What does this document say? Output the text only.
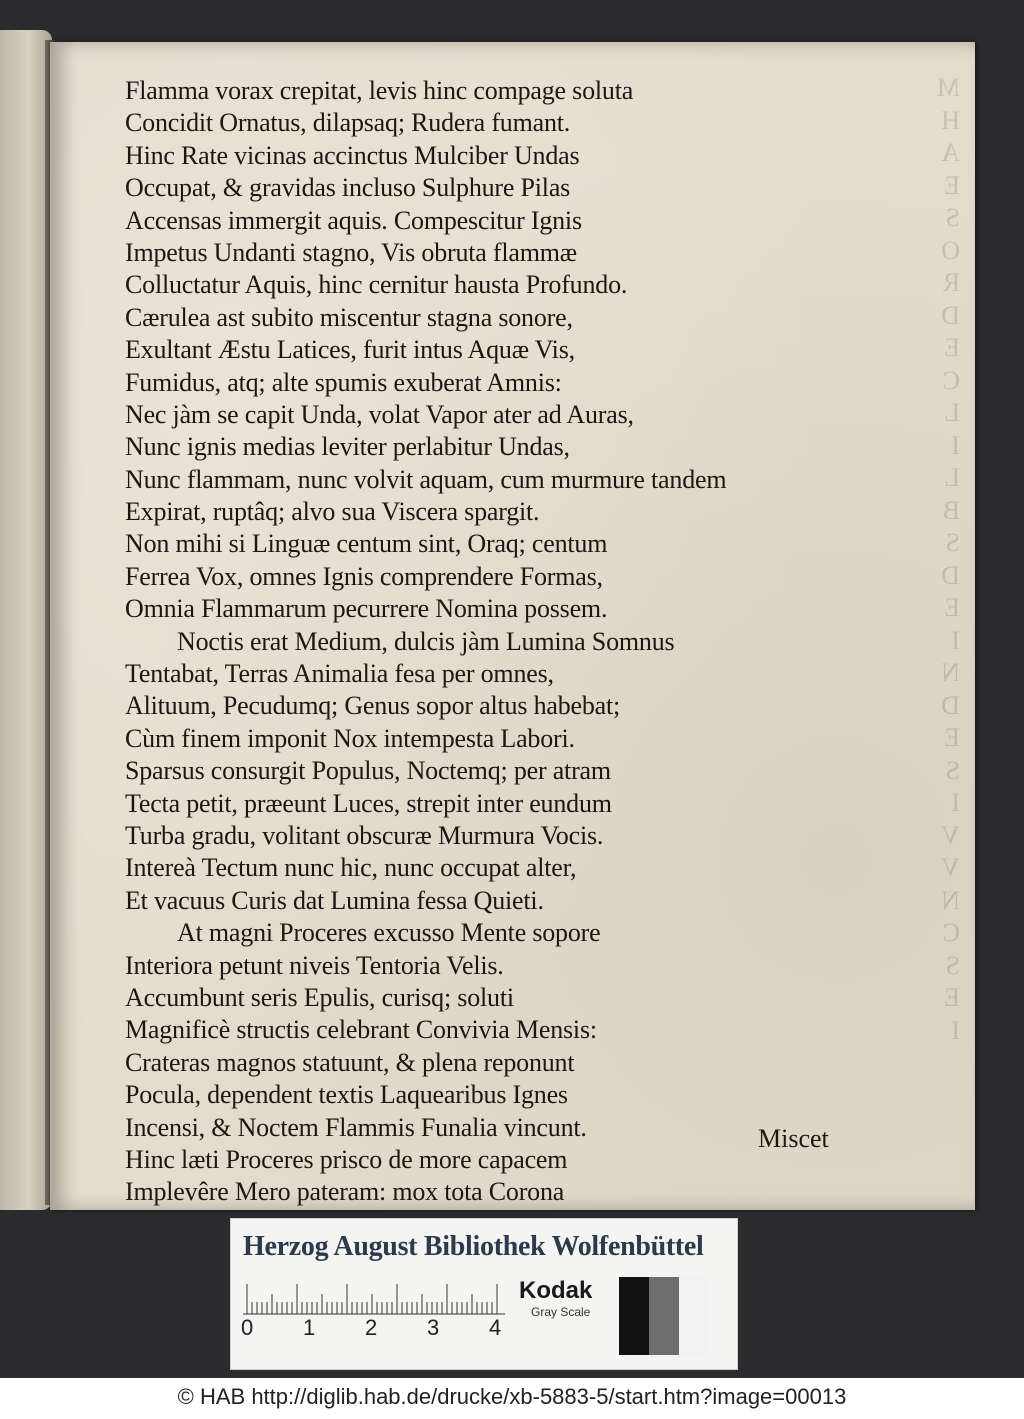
M
H
A
E
S
O
R
D
E
C
L
I
L
B
S
D
E
I
N
D
E
S
I
V
V
N
C
S
E
I
Flamma vorax crepitat, levis hinc compage soluta
Concidit Ornatus, dilapsaq; Rudera fumant.
Hinc Rate vicinas accinctus Mulciber Undas
Occupat, & gravidas incluso Sulphure Pilas
Accensas immergit aquis. Compescitur Ignis
Impetus Undanti stagno, Vis obruta flammæ
Colluctatur Aquis, hinc cernitur hausta Profundo.
Cærulea ast subito miscentur stagna sonore,
Exultant Æstu Latices, furit intus Aquæ Vis,
Fumidus, atq; alte spumis exuberat Amnis:
Nec jàm se capit Unda, volat Vapor ater ad Auras,
Nunc ignis medias leviter perlabitur Undas,
Nunc flammam, nunc volvit aquam, cum murmure tandem
Expirat, ruptâq; alvo sua Viscera spargit.
Non mihi si Linguæ centum sint, Oraq; centum
Ferrea Vox, omnes Ignis comprendere Formas,
Omnia Flammarum pecurrere Nomina possem.
Noctis erat Medium, dulcis jàm Lumina Somnus
Tentabat, Terras Animalia fesa per omnes,
Alituum, Pecudumq; Genus sopor altus habebat;
Cùm finem imponit Nox intempesta Labori.
Sparsus consurgit Populus, Noctemq; per atram
Tecta petit, præeunt Luces, strepit inter eundum
Turba gradu, volitant obscuræ Murmura Vocis.
Intereà Tectum nunc hic, nunc occupat alter,
Et vacuus Curis dat Lumina fessa Quieti.
At magni Proceres excusso Mente sopore
Interiora petunt niveis Tentoria Velis.
Accumbunt seris Epulis, curisq; soluti
Magnificè structis celebrant Convivia Mensis:
Crateras magnos statuunt, & plena reponunt
Pocula, dependent textis Laquearibus Ignes
Incensi, & Noctem Flammis Funalia vincunt.
Hinc læti Proceres prisco de more capacem
Implevêre Mero pateram: mox tota Corona
Miscet
Herzog August Bibliothek Wolfenbüttel
0 1 2 3 4
Kodak
Gray Scale
© HAB http://diglib.hab.de/drucke/xb-5883-5/start.htm?image=00013
